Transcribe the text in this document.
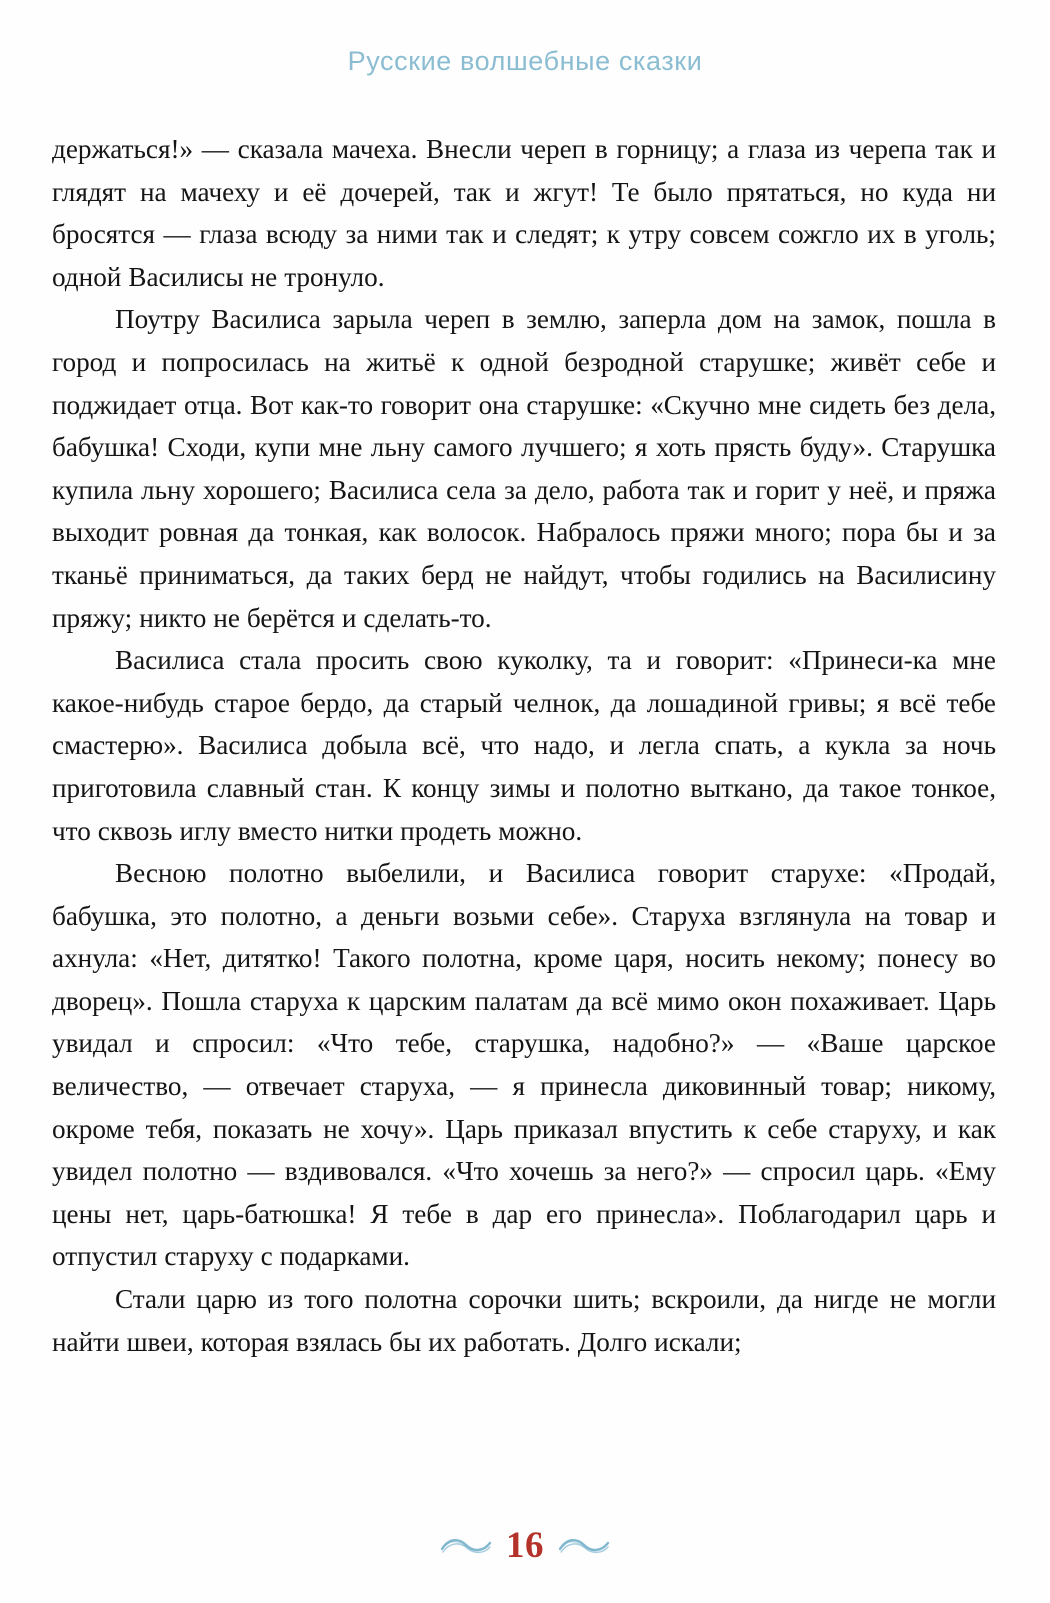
Русские волшебные сказки

держаться!» — сказала мачеха. Внесли череп в горницу; а глаза из черепа так и глядят на мачеху и её дочерей, так и жгут! Те было прятаться, но куда ни бросятся — глаза всюду за ними так и следят; к утру совсем сожгло их в уголь; одной Василисы не тронуло.

Поутру Василиса зарыла череп в землю, заперла дом на замок, пошла в город и попросилась на житьё к одной безродной старушке; живёт себе и поджидает отца. Вот как-то говорит она старушке: «Скучно мне сидеть без дела, бабушка! Сходи, купи мне льну самого лучшего; я хоть прясть буду». Старушка купила льну хорошего; Василиса села за дело, работа так и горит у неё, и пряжа выходит ровная да тонкая, как волосок. Набралось пряжи много; пора бы и за тканьё приниматься, да таких берд не найдут, чтобы годились на Василисину пряжу; никто не берётся и сделать-то.

Василиса стала просить свою куколку, та и говорит: «Принеси-ка мне какое-нибудь старое бердо, да старый челнок, да лошадиной гривы; я всё тебе смастерю». Василиса добыла всё, что надо, и легла спать, а кукла за ночь приготовила славный стан. К концу зимы и полотно выткано, да такое тонкое, что сквозь иглу вместо нитки продеть можно.

Весною полотно выбелили, и Василиса говорит старухе: «Продай, бабушка, это полотно, а деньги возьми себе». Старуха взглянула на товар и ахнула: «Нет, дитятко! Такого полотна, кроме царя, носить некому; понесу во дворец». Пошла старуха к царским палатам да всё мимо окон похаживает. Царь увидал и спросил: «Что тебе, старушка, надобно?» — «Ваше царское величество, — отвечает старуха, — я принесла диковинный товар; никому, окроме тебя, показать не хочу». Царь приказал впустить к себе старуху, и как увидел полотно — вздивовался. «Что хочешь за него?» — спросил царь. «Ему цены нет, царь-батюшка! Я тебе в дар его принесла». Поблагодарил царь и отпустил старуху с подарками.

Стали царю из того полотна сорочки шить; вскроили, да нигде не могли найти швеи, которая взялась бы их работать. Долго искали;

16
